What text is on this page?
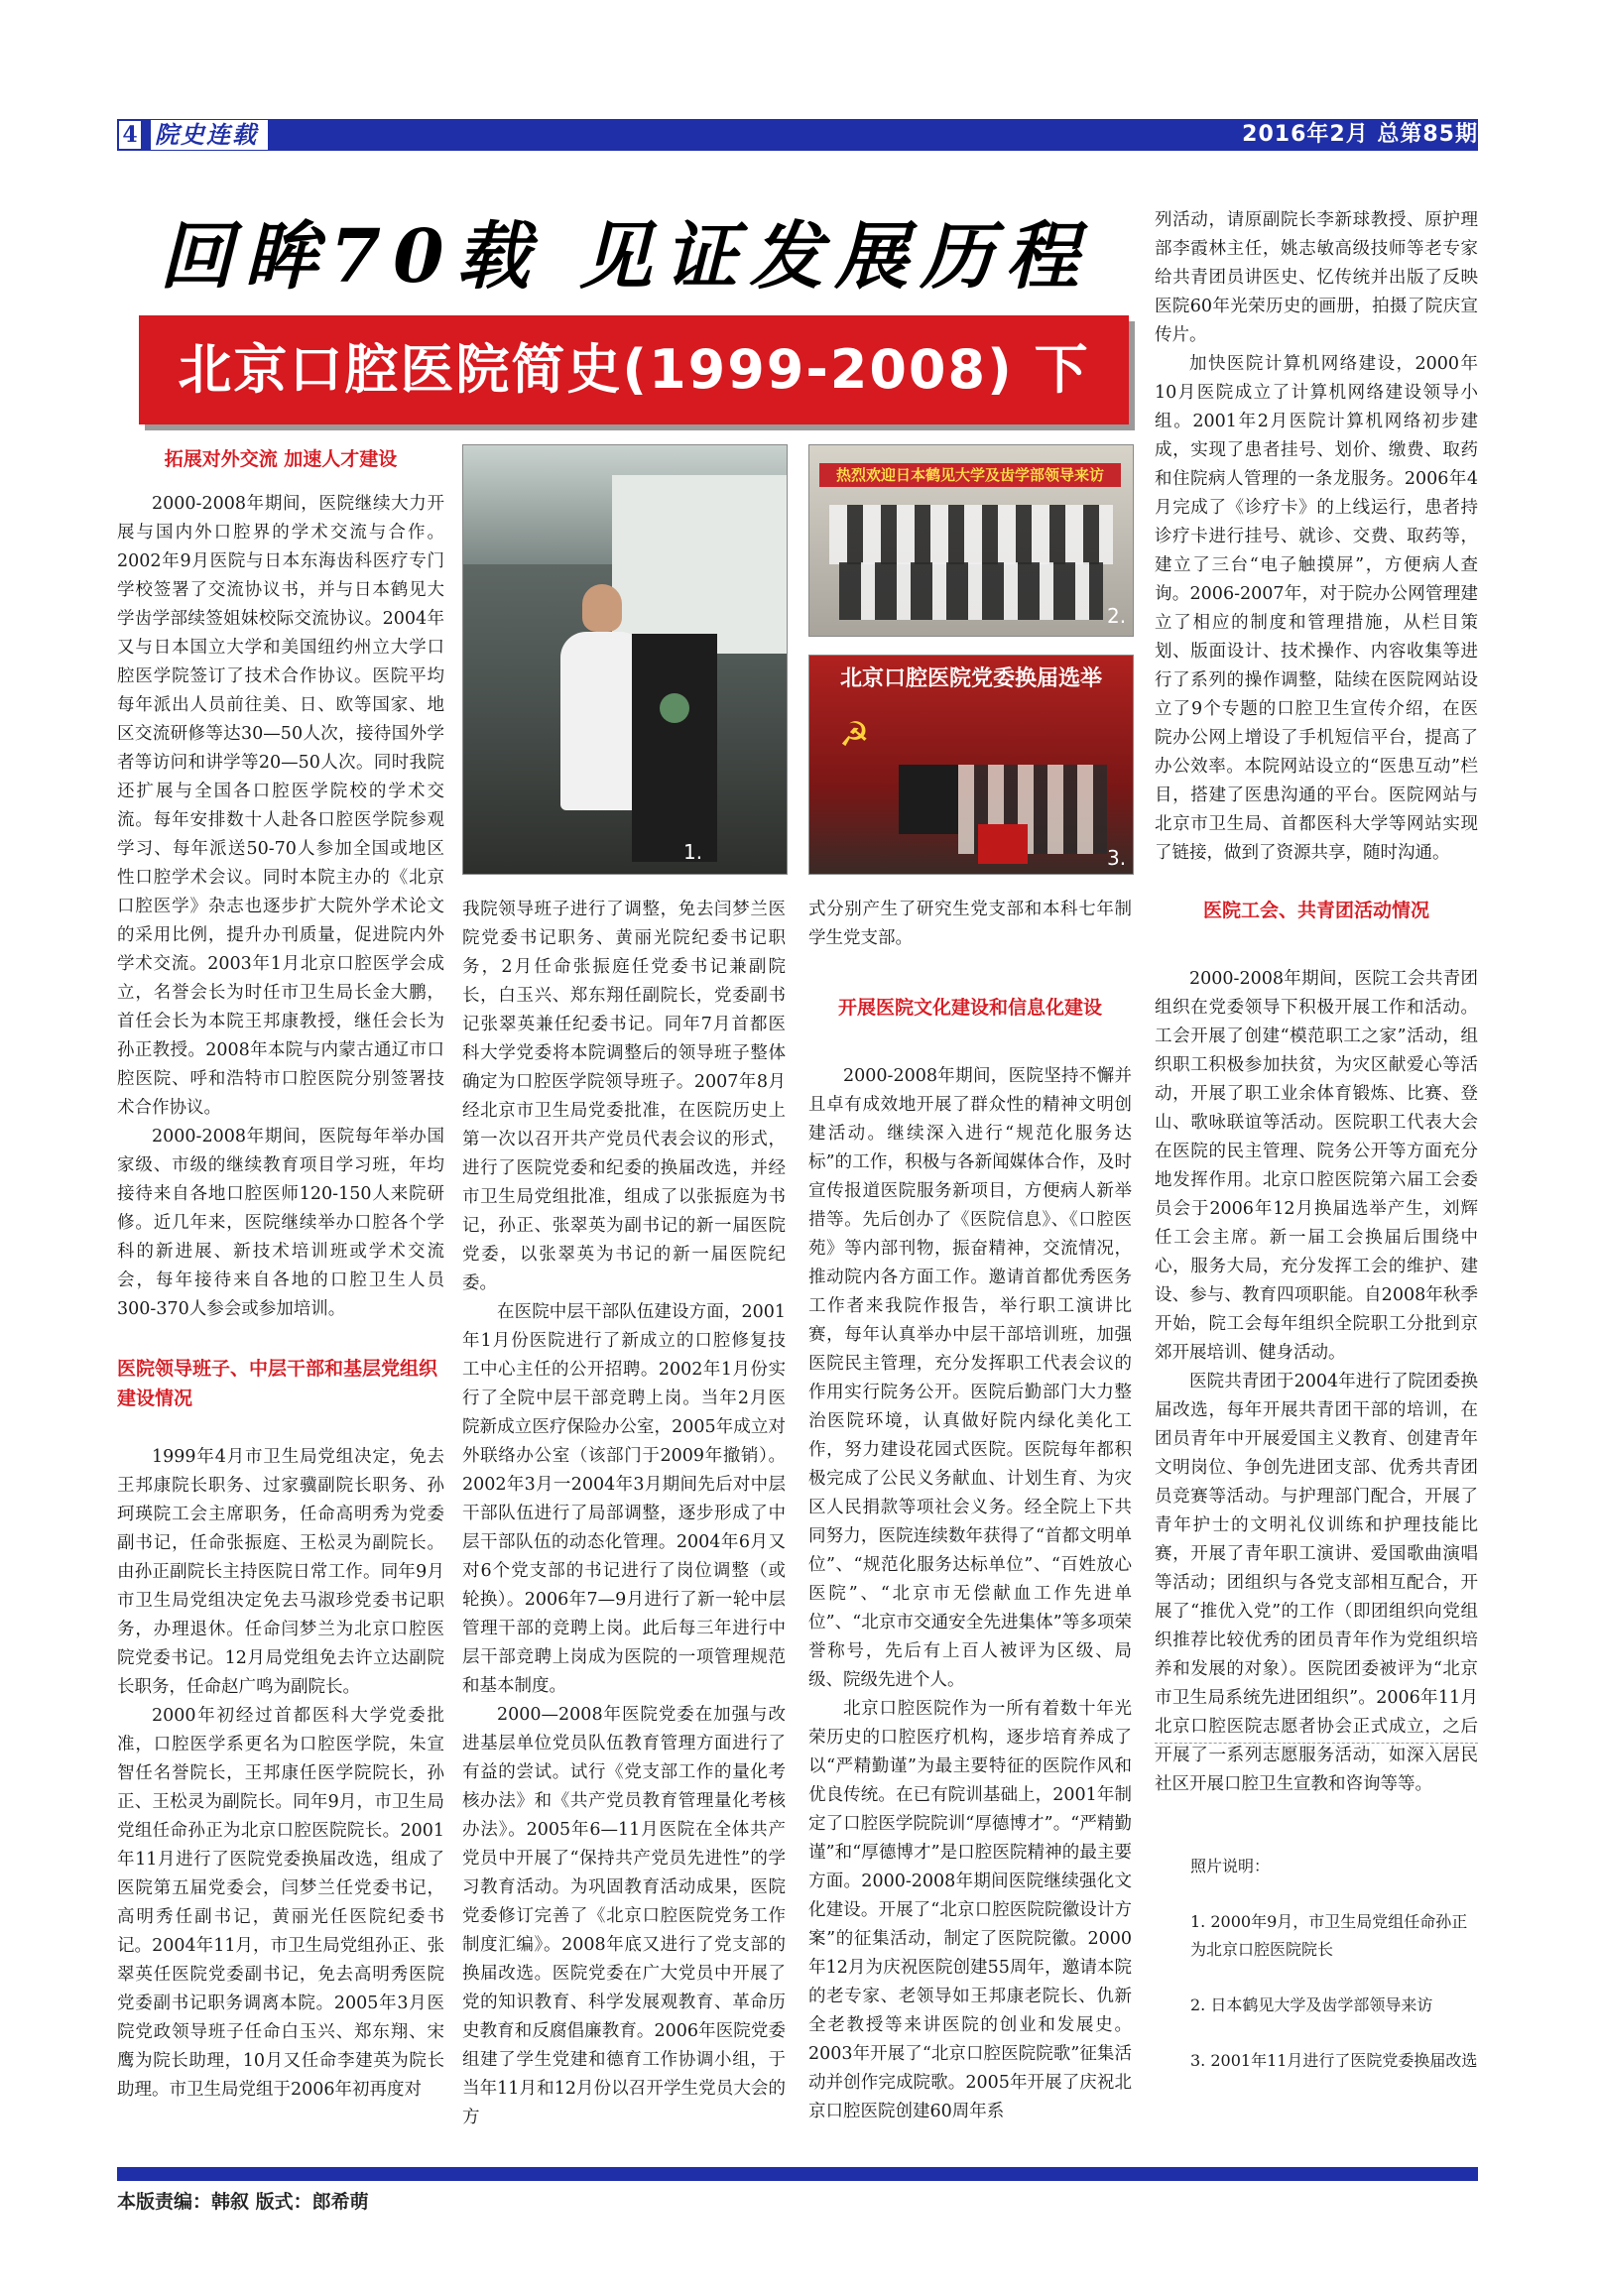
4 院史连载	2016年2月 总第85期
回眸70载 见证发展历程
北京口腔医院简史(1999-2008) 下

拓展对外交流 加速人才建设

2000-2008年期间，医院继续大力开展与国内外口腔界的学术交流与合作。2002年9月医院与日本东海齿科医疗专门学校签署了交流协议书，并与日本鹤见大学齿学部续签姐妹校际交流协议。2004年又与日本国立大学和美国纽约州立大学口腔医学院签订了技术合作协议。医院平均每年派出人员前往美、日、欧等国家、地区交流研修等达30—50人次，接待国外学者等访问和讲学等20—50人次。同时我院还扩展与全国各口腔医学院校的学术交流。每年安排数十人赴各口腔医学院参观学习、每年派送50-70人参加全国或地区性口腔学术会议。同时本院主办的《北京口腔医学》杂志也逐步扩大院外学术论文的采用比例，提升办刊质量，促进院内外学术交流。2003年1月北京口腔医学会成立，名誉会长为时任市卫生局长金大鹏，首任会长为本院王邦康教授，继任会长为孙正教授。2008年本院与内蒙古通辽市口腔医院、呼和浩特市口腔医院分别签署技术合作协议。

2000-2008年期间，医院每年举办国家级、市级的继续教育项目学习班，年均接待来自各地口腔医师120-150人来院研修。近几年来，医院继续举办口腔各个学科的新进展、新技术培训班或学术交流会，每年接待来自各地的口腔卫生人员300-370人参会或参加培训。

医院领导班子、中层干部和基层党组织建设情况

1999年4月市卫生局党组决定，免去王邦康院长职务、过家骥副院长职务、孙珂瑛院工会主席职务，任命高明秀为党委副书记，任命张振庭、王松灵为副院长。由孙正副院长主持医院日常工作。同年9月市卫生局党组决定免去马淑珍党委书记职务，办理退休。任命闫梦兰为北京口腔医院党委书记。12月局党组免去许立达副院长职务，任命赵广鸣为副院长。

2000年初经过首都医科大学党委批准，口腔医学系更名为口腔医学院，朱宣智任名誉院长，王邦康任医学院院长，孙正、王松灵为副院长。同年9月，市卫生局党组任命孙正为北京口腔医院院长。2001年11月进行了医院党委换届改选，组成了医院第五届党委会，闫梦兰任党委书记，高明秀任副书记，黄丽光任医院纪委书记。2004年11月，市卫生局党组孙正、张翠英任医院党委副书记，免去高明秀医院党委副书记职务调离本院。2005年3月医院党政领导班子任命白玉兴、郑东翔、宋鹰为院长助理，10月又任命李建英为院长助理。市卫生局党组于2006年初再度对

1.
热烈欢迎日本鹤见大学及齿学部领导来访
2.
北京口腔医院党委换届选举
☭
3.

我院领导班子进行了调整，免去闫梦兰医院党委书记职务、黄丽光院纪委书记职务，2月任命张振庭任党委书记兼副院长，白玉兴、郑东翔任副院长，党委副书记张翠英兼任纪委书记。同年7月首都医科大学党委将本院调整后的领导班子整体确定为口腔医学院领导班子。2007年8月经北京市卫生局党委批准，在医院历史上第一次以召开共产党员代表会议的形式，进行了医院党委和纪委的换届改选，并经市卫生局党组批准，组成了以张振庭为书记，孙正、张翠英为副书记的新一届医院党委，以张翠英为书记的新一届医院纪委。

在医院中层干部队伍建设方面，2001年1月份医院进行了新成立的口腔修复技工中心主任的公开招聘。2002年1月份实行了全院中层干部竞聘上岗。当年2月医院新成立医疗保险办公室，2005年成立对外联络办公室（该部门于2009年撤销）。2002年3月一2004年3月期间先后对中层干部队伍进行了局部调整，逐步形成了中层干部队伍的动态化管理。2004年6月又对6个党支部的书记进行了岗位调整（或轮换）。2006年7—9月进行了新一轮中层管理干部的竞聘上岗。此后每三年进行中层干部竞聘上岗成为医院的一项管理规范和基本制度。

2000—2008年医院党委在加强与改进基层单位党员队伍教育管理方面进行了有益的尝试。试行《党支部工作的量化考核办法》和《共产党员教育管理量化考核办法》。2005年6—11月医院在全体共产党员中开展了“保持共产党员先进性”的学习教育活动。为巩固教育活动成果，医院党委修订完善了《北京口腔医院党务工作制度汇编》。2008年底又进行了党支部的换届改选。医院党委在广大党员中开展了党的知识教育、科学发展观教育、革命历史教育和反腐倡廉教育。2006年医院党委组建了学生党建和德育工作协调小组，于当年11月和12月份以召开学生党员大会的方

式分别产生了研究生党支部和本科七年制学生党支部。

开展医院文化建设和信息化建设

2000-2008年期间，医院坚持不懈并且卓有成效地开展了群众性的精神文明创建活动。继续深入进行“规范化服务达标”的工作，积极与各新闻媒体合作，及时宣传报道医院服务新项目，方便病人新举措等。先后创办了《医院信息》、《口腔医苑》等内部刊物，振奋精神，交流情况，推动院内各方面工作。邀请首都优秀医务工作者来我院作报告，举行职工演讲比赛，每年认真举办中层干部培训班，加强医院民主管理，充分发挥职工代表会议的作用实行院务公开。医院后勤部门大力整治医院环境，认真做好院内绿化美化工作，努力建设花园式医院。医院每年都积极完成了公民义务献血、计划生育、为灾区人民捐款等项社会义务。经全院上下共同努力，医院连续数年获得了“首都文明单位”、“规范化服务达标单位”、“百姓放心医院”、“北京市无偿献血工作先进单位”、“北京市交通安全先进集体”等多项荣誉称号，先后有上百人被评为区级、局级、院级先进个人。

北京口腔医院作为一所有着数十年光荣历史的口腔医疗机构，逐步培育养成了以“严精勤谨”为最主要特征的医院作风和优良传统。在已有院训基础上，2001年制定了口腔医学院院训“厚德博才”。“严精勤谨”和“厚德博才”是口腔医院精神的最主要方面。2000-2008年期间医院继续强化文化建设。开展了“北京口腔医院院徽设计方案”的征集活动，制定了医院院徽。2000年12月为庆祝医院创建55周年，邀请本院的老专家、老领导如王邦康老院长、仇新全老教授等来讲医院的创业和发展史。2003年开展了“北京口腔医院院歌”征集活动并创作完成院歌。2005年开展了庆祝北京口腔医院创建60周年系

列活动，请原副院长李新球教授、原护理部李霞林主任，姚志敏高级技师等老专家给共青团员讲医史、忆传统并出版了反映医院60年光荣历史的画册，拍摄了院庆宣传片。

加快医院计算机网络建设，2000年10月医院成立了计算机网络建设领导小组。2001年2月医院计算机网络初步建成，实现了患者挂号、划价、缴费、取药和住院病人管理的一条龙服务。2006年4月完成了《诊疗卡》的上线运行，患者持诊疗卡进行挂号、就诊、交费、取药等，建立了三台“电子触摸屏”，方便病人查询。2006-2007年，对于院办公网管理建立了相应的制度和管理措施，从栏目策划、版面设计、技术操作、内容收集等进行了系列的操作调整，陆续在医院网站设立了9个专题的口腔卫生宣传介绍，在医院办公网上增设了手机短信平台，提高了办公效率。本院网站设立的“医患互动”栏目，搭建了医患沟通的平台。医院网站与北京市卫生局、首都医科大学等网站实现了链接，做到了资源共享，随时沟通。

医院工会、共青团活动情况

2000-2008年期间，医院工会共青团组织在党委领导下积极开展工作和活动。工会开展了创建“模范职工之家”活动，组织职工积极参加扶贫，为灾区献爱心等活动，开展了职工业余体育锻炼、比赛、登山、歌咏联谊等活动。医院职工代表大会在医院的民主管理、院务公开等方面充分地发挥作用。北京口腔医院第六届工会委员会于2006年12月换届选举产生，刘辉任工会主席。新一届工会换届后围绕中心，服务大局，充分发挥工会的维护、建设、参与、教育四项职能。自2008年秋季开始，院工会每年组织全院职工分批到京郊开展培训、健身活动。

医院共青团于2004年进行了院团委换届改选，每年开展共青团干部的培训，在团员青年中开展爱国主义教育、创建青年文明岗位、争创先进团支部、优秀共青团员竞赛等活动。与护理部门配合，开展了青年护士的文明礼仪训练和护理技能比赛，开展了青年职工演讲、爱国歌曲演唱等活动；团组织与各党支部相互配合，开展了“推优入党”的工作（即团组织向党组织推荐比较优秀的团员青年作为党组织培养和发展的对象）。医院团委被评为“北京市卫生局系统先进团组织”。2006年11月北京口腔医院志愿者协会正式成立，之后开展了一系列志愿服务活动，如深入居民社区开展口腔卫生宣教和咨询等等。

照片说明：

1. 2000年9月，市卫生局党组任命孙正为北京口腔医院院长

2. 日本鹤见大学及齿学部领导来访

3. 2001年11月进行了医院党委换届改选

本版责编：韩叙 版式：郎希萌
